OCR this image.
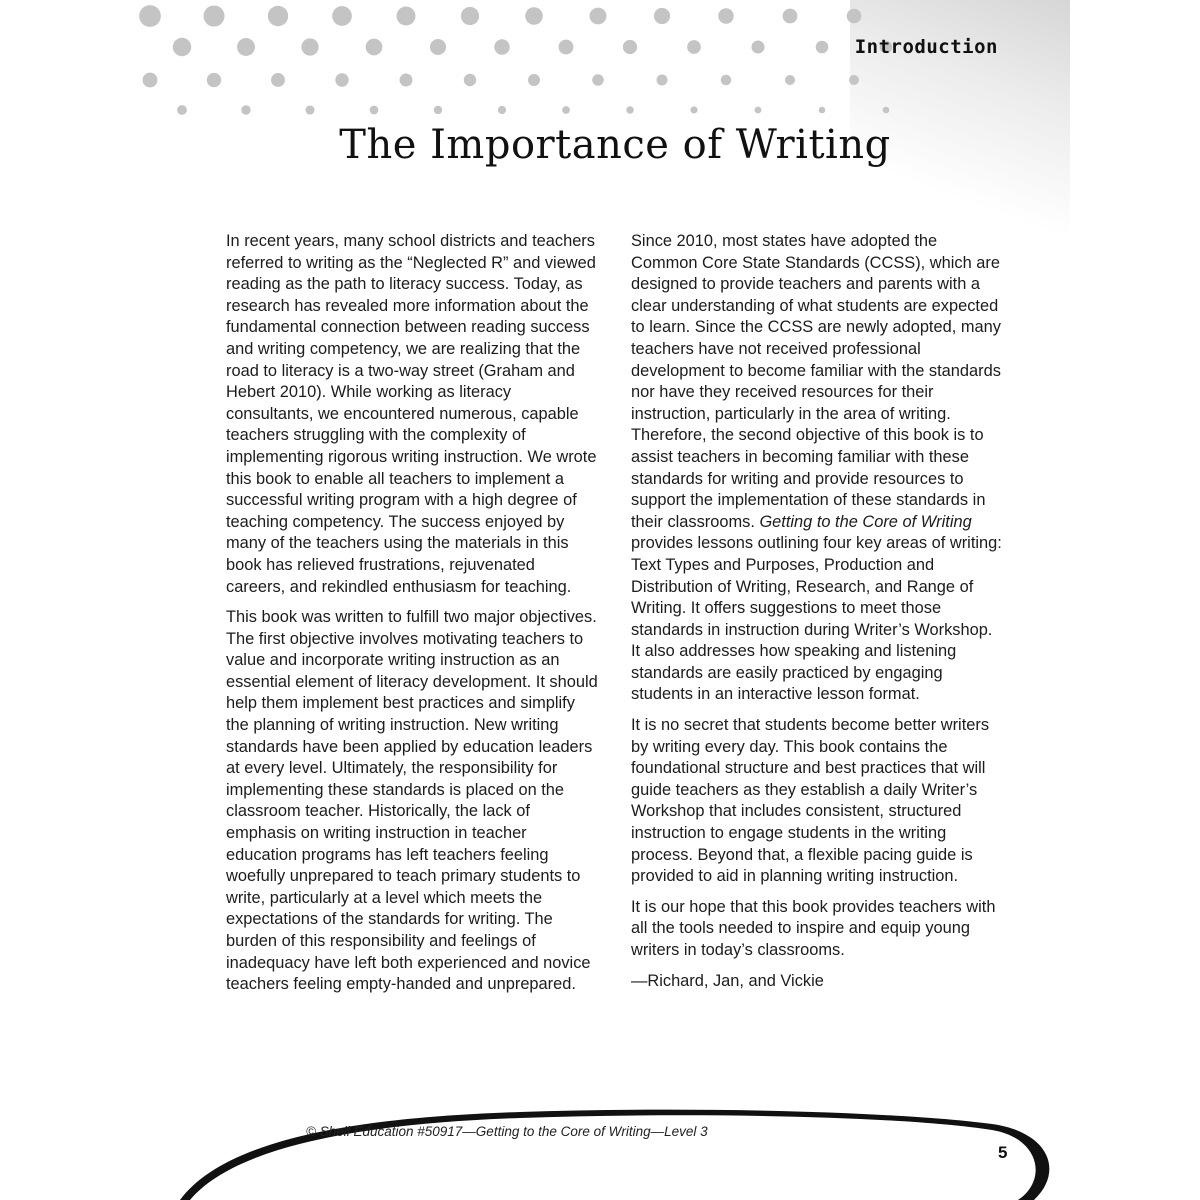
Introduction
The Importance of Writing

In recent years, many school districts and teachers referred to writing as the “Neglected R” and viewed reading as the path to literacy success. Today, as research has revealed more information about the fundamental connection between reading success and writing competency, we are realizing that the road to literacy is a two-way street (Graham and Hebert 2010). While working as literacy consultants, we encountered numerous, capable teachers struggling with the complexity of implementing rigorous writing instruction. We wrote this book to enable all teachers to implement a successful writing program with a high degree of teaching competency. The success enjoyed by many of the teachers using the materials in this book has relieved frustrations, rejuvenated careers, and rekindled enthusiasm for teaching.

This book was written to fulfill two major objectives. The first objective involves motivating teachers to value and incorporate writing instruction as an essential element of literacy development. It should help them implement best practices and simplify the planning of writing instruction. New writing standards have been applied by education leaders at every level. Ultimately, the responsibility for implementing these standards is placed on the classroom teacher. Historically, the lack of emphasis on writing instruction in teacher education programs has left teachers feeling woefully unprepared to teach primary students to write, particularly at a level which meets the expectations of the standards for writing. The burden of this responsibility and feelings of inadequacy have left both experienced and novice teachers feeling empty-handed and unprepared.

Since 2010, most states have adopted the Common Core State Standards (CCSS), which are designed to provide teachers and parents with a clear understanding of what students are expected to learn. Since the CCSS are newly adopted, many teachers have not received professional development to become familiar with the standards nor have they received resources for their instruction, particularly in the area of writing. Therefore, the second objective of this book is to assist teachers in becoming familiar with these standards for writing and provide resources to support the implementation of these standards in their classrooms. Getting to the Core of Writing provides lessons outlining four key areas of writing: Text Types and Purposes, Production and Distribution of Writing, Research, and Range of Writing. It offers suggestions to meet those standards in instruction during Writer’s Workshop. It also addresses how speaking and listening standards are easily practiced by engaging students in an interactive lesson format.

It is no secret that students become better writers by writing every day. This book contains the foundational structure and best practices that will guide teachers as they establish a daily Writer’s Workshop that includes consistent, structured instruction to engage students in the writing process. Beyond that, a flexible pacing guide is provided to aid in planning writing instruction.

It is our hope that this book provides teachers with all the tools needed to inspire and equip young writers in today’s classrooms.

—Richard, Jan, and Vickie

© Shell Education #50917—Getting to the Core of Writing—Level 3
5
